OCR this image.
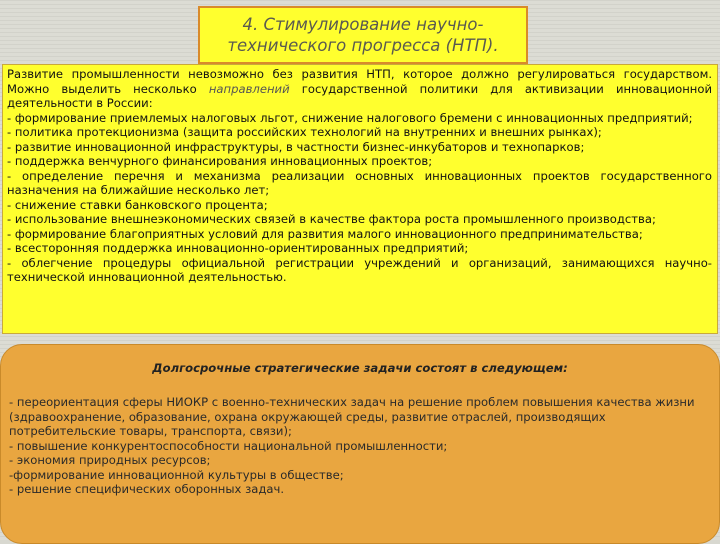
4. Стимулирование научно-
технического прогресса (НТП).

Развитие промышленности невозможно без развития НТП, которое должно регулироваться государством. Можно выделить несколько направлений государственной политики для активизации инновационной деятельности в России:

- формирование приемлемых налоговых льгот, снижение налогового бремени с инновационных предприятий;

- политика протекционизма (защита российских технологий на внутренних и внешних рынках);

- развитие инновационной инфраструктуры, в частности бизнес-инкубаторов и технопарков;

- поддержка венчурного финансирования инновационных проектов;

- определение перечня и механизма реализации основных инновационных проектов государственного назначения на ближайшие несколько лет;

- снижение ставки банковского процента;

- использование внешнеэкономических связей в качестве фактора роста промышленного производства;

- формирование благоприятных условий для развития малого инновационного предпринимательства;

- всесторонняя поддержка инновационно-ориентированных предприятий;

- облегчение процедуры официальной регистрации учреждений и организаций, занимающихся научно-технической инновационной деятельностью.

Долгосрочные стратегические задачи состоят в следующем:

- переориентация сферы НИОКР с военно-технических задач на решение проблем повышения качества жизни (здравоохранение, образование, охрана окружающей среды, развитие отраслей, производящих потребительские товары, транспорта, связи);

- повышение конкурентоспособности национальной промышленности;

- экономия природных ресурсов;

-формирование инновационной культуры в обществе;

- решение специфических оборонных задач.
